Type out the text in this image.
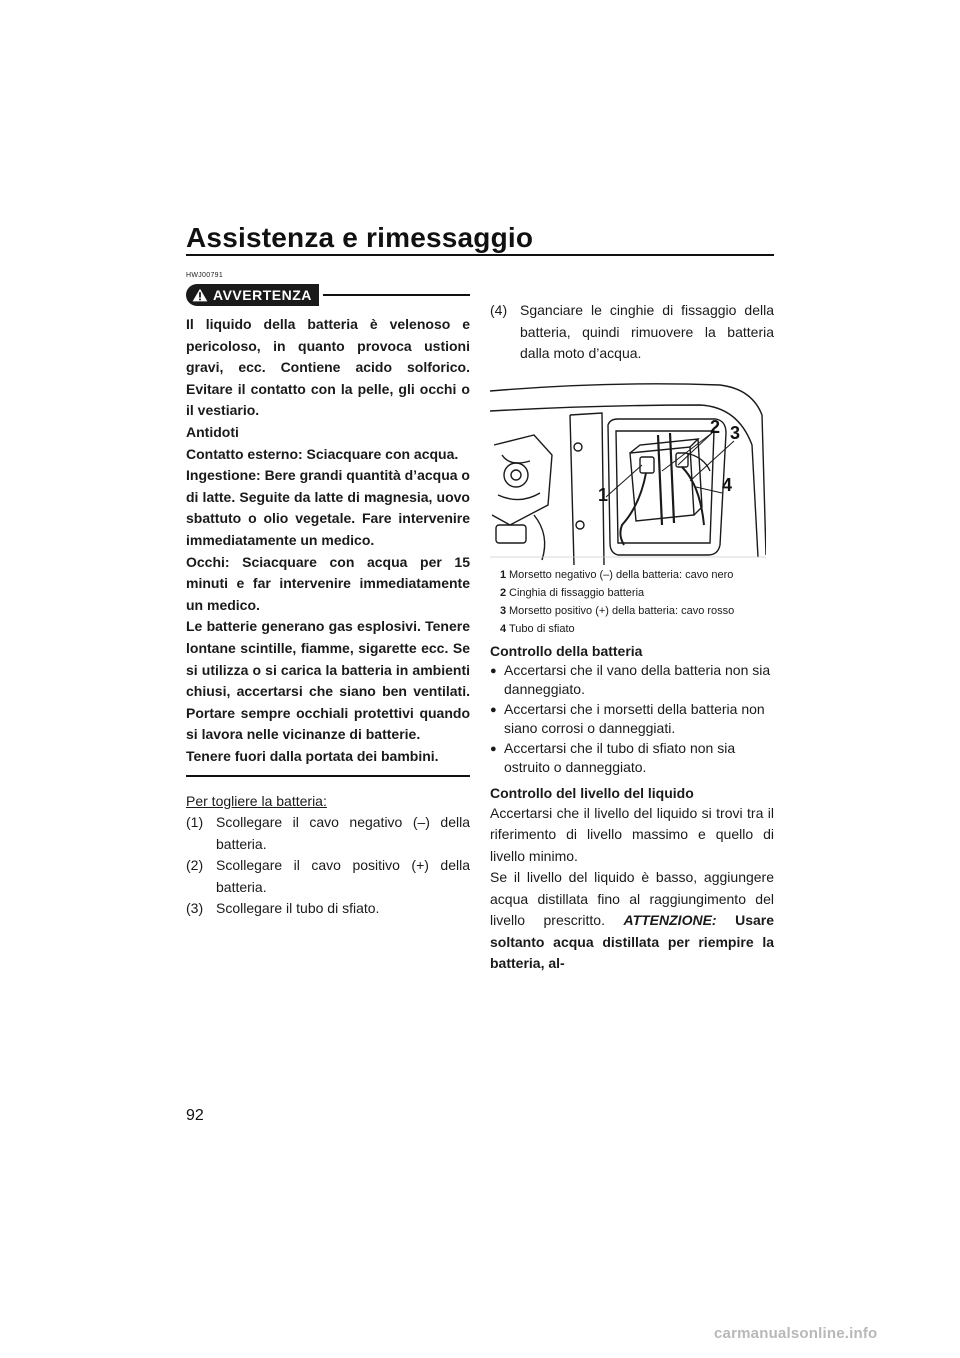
Assistenza e rimessaggio

HWJ00791

AVVERTENZA

Il liquido della batteria è velenoso e pericoloso, in quanto provoca ustioni gravi, ecc. Contiene acido solforico. Evitare il contatto con la pelle, gli occhi o il vestiario.

Antidoti

Contatto esterno: Sciacquare con acqua.

Ingestione: Bere grandi quantità d’acqua o di latte. Seguite da latte di magnesia, uovo sbattuto o olio vegetale. Fare intervenire immediatamente un medico.

Occhi: Sciacquare con acqua per 15 minuti e far intervenire immediatamente un medico.

Le batterie generano gas esplosivi. Tenere lontane scintille, fiamme, sigarette ecc. Se si utilizza o si carica la batteria in ambienti chiusi, accertarsi che siano ben ventilati. Portare sempre occhiali protettivi quando si lavora nelle vicinanze di batterie.

Tenere fuori dalla portata dei bambini.

Per togliere la batteria:

(1) Scollegare il cavo negativo (–) della batteria.

(2) Scollegare il cavo positivo (+) della batteria.

(3) Scollegare il tubo di sfiato.

(4) Sganciare le cinghie di fissaggio della batteria, quindi rimuovere la batteria dalla moto d’acqua.

1
2 3
4
1 Morsetto negativo (–) della batteria: cavo nero
2 Cinghia di fissaggio batteria
3 Morsetto positivo (+) della batteria: cavo rosso
4 Tubo di sfiato

Controllo della batteria

● Accertarsi che il vano della batteria non sia danneggiato.

● Accertarsi che i morsetti della batteria non siano corrosi o danneggiati.

● Accertarsi che il tubo di sfiato non sia ostruito o danneggiato.

Controllo del livello del liquido

Accertarsi che il livello del liquido si trovi tra il riferimento di livello massimo e quello di livello minimo.

Se il livello del liquido è basso, aggiungere acqua distillata fino al raggiungimento del livello prescritto. ATTENZIONE: Usare soltanto acqua distillata per riempire la batteria, al-

92
carmanualsonline.info
